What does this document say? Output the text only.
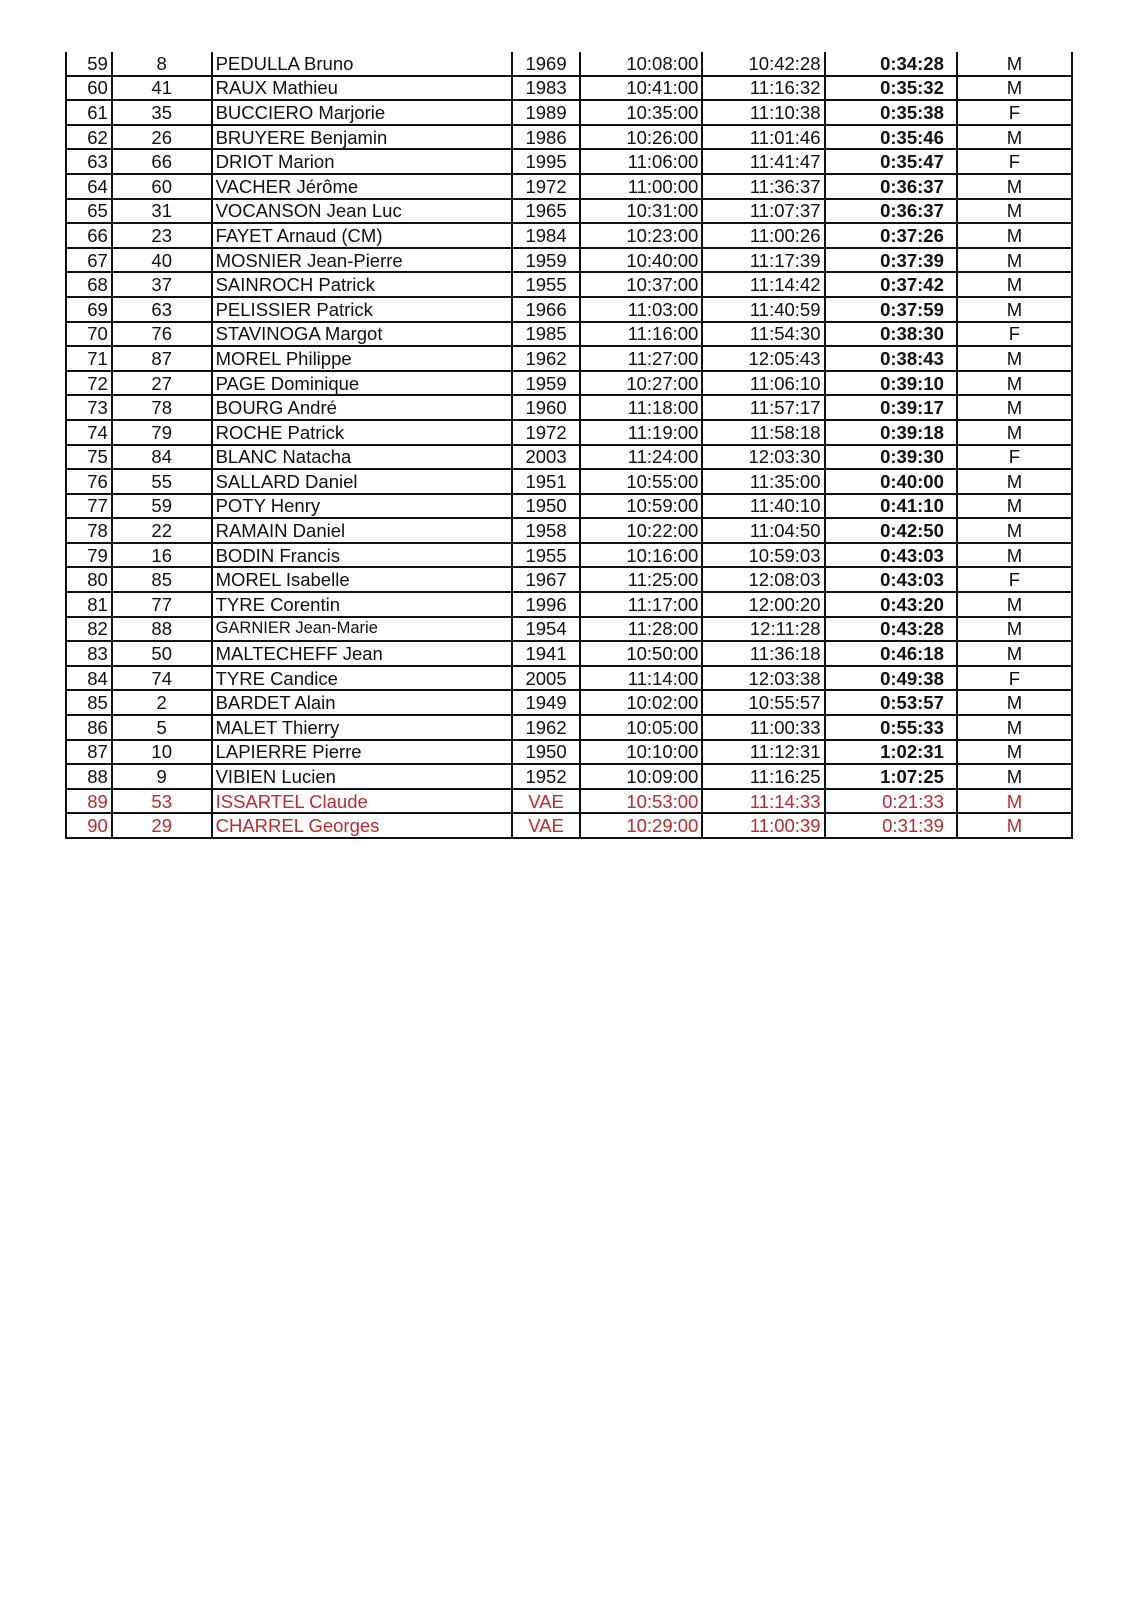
59	8	PEDULLA Bruno	1969	10:08:00	10:42:28	0:34:28	M
60	41	RAUX Mathieu	1983	10:41:00	11:16:32	0:35:32	M
61	35	BUCCIERO Marjorie	1989	10:35:00	11:10:38	0:35:38	F
62	26	BRUYERE Benjamin	1986	10:26:00	11:01:46	0:35:46	M
63	66	DRIOT Marion	1995	11:06:00	11:41:47	0:35:47	F
64	60	VACHER Jérôme	1972	11:00:00	11:36:37	0:36:37	M
65	31	VOCANSON Jean Luc	1965	10:31:00	11:07:37	0:36:37	M
66	23	FAYET Arnaud (CM)	1984	10:23:00	11:00:26	0:37:26	M
67	40	MOSNIER Jean-Pierre	1959	10:40:00	11:17:39	0:37:39	M
68	37	SAINROCH Patrick	1955	10:37:00	11:14:42	0:37:42	M
69	63	PELISSIER Patrick	1966	11:03:00	11:40:59	0:37:59	M
70	76	STAVINOGA Margot	1985	11:16:00	11:54:30	0:38:30	F
71	87	MOREL Philippe	1962	11:27:00	12:05:43	0:38:43	M
72	27	PAGE Dominique	1959	10:27:00	11:06:10	0:39:10	M
73	78	BOURG André	1960	11:18:00	11:57:17	0:39:17	M
74	79	ROCHE Patrick	1972	11:19:00	11:58:18	0:39:18	M
75	84	BLANC Natacha	2003	11:24:00	12:03:30	0:39:30	F
76	55	SALLARD Daniel	1951	10:55:00	11:35:00	0:40:00	M
77	59	POTY Henry	1950	10:59:00	11:40:10	0:41:10	M
78	22	RAMAIN Daniel	1958	10:22:00	11:04:50	0:42:50	M
79	16	BODIN Francis	1955	10:16:00	10:59:03	0:43:03	M
80	85	MOREL Isabelle	1967	11:25:00	12:08:03	0:43:03	F
81	77	TYRE Corentin	1996	11:17:00	12:00:20	0:43:20	M
82	88	GARNIER Jean-Marie	1954	11:28:00	12:11:28	0:43:28	M
83	50	MALTECHEFF Jean	1941	10:50:00	11:36:18	0:46:18	M
84	74	TYRE Candice	2005	11:14:00	12:03:38	0:49:38	F
85	2	BARDET Alain	1949	10:02:00	10:55:57	0:53:57	M
86	5	MALET Thierry	1962	10:05:00	11:00:33	0:55:33	M
87	10	LAPIERRE Pierre	1950	10:10:00	11:12:31	1:02:31	M
88	9	VIBIEN Lucien	1952	10:09:00	11:16:25	1:07:25	M
89	53	ISSARTEL Claude	VAE	10:53:00	11:14:33	0:21:33	M
90	29	CHARREL Georges	VAE	10:29:00	11:00:39	0:31:39	M
